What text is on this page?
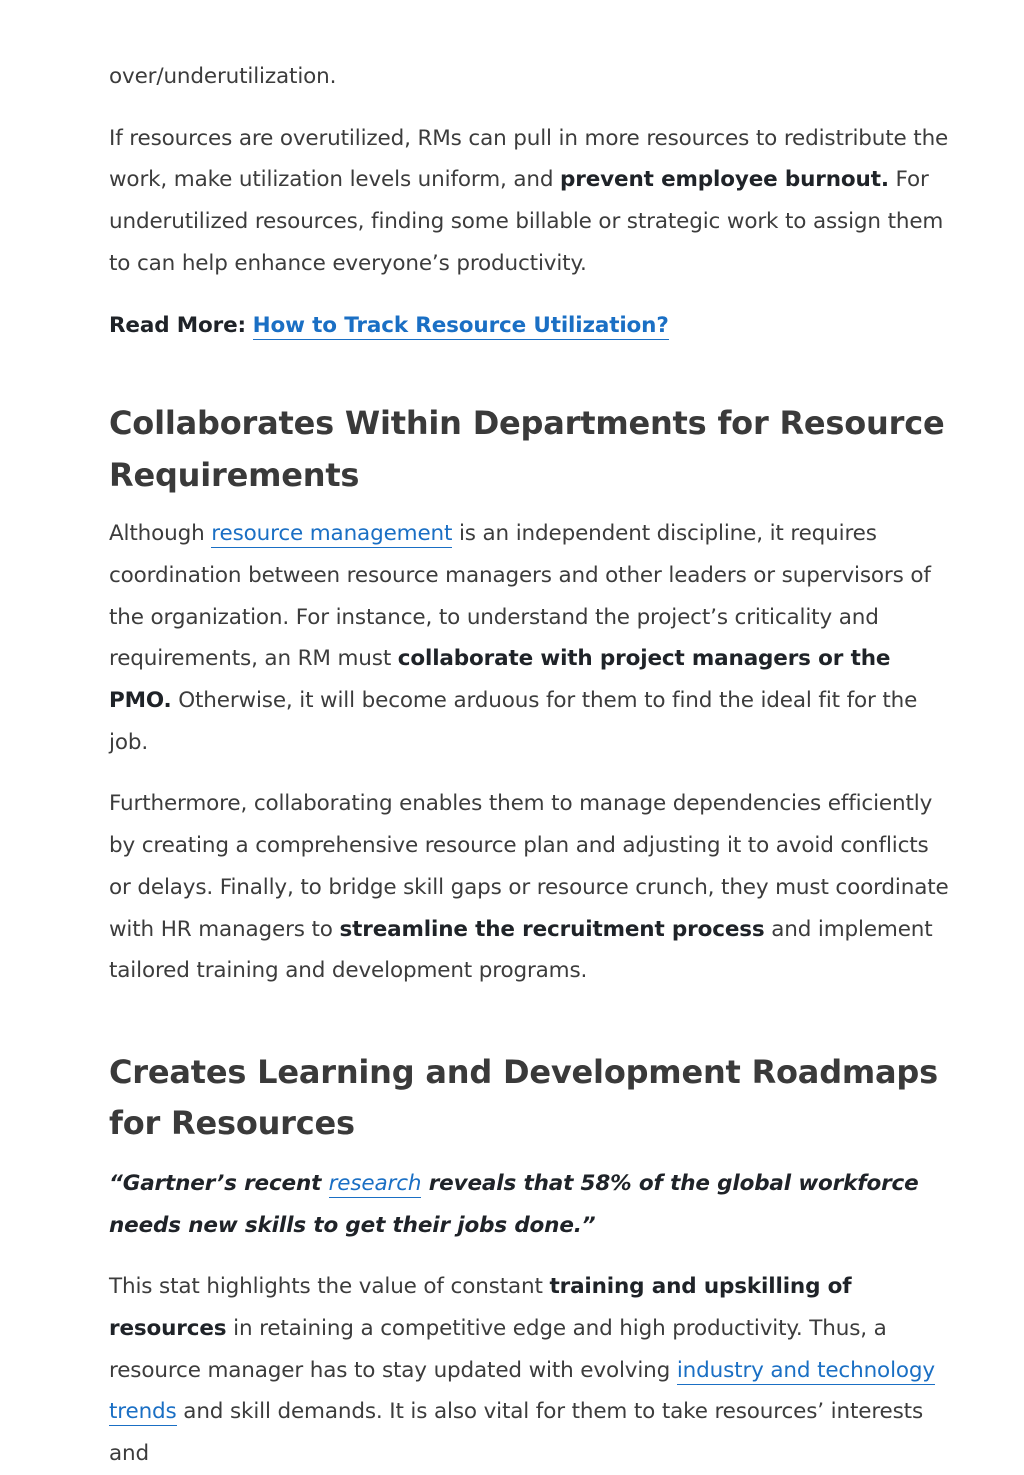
over/underutilization.

If resources are overutilized, RMs can pull in more resources to redistribute the work, make utilization levels uniform, and prevent employee burnout. For underutilized resources, finding some billable or strategic work to assign them to can help enhance everyone’s productivity.

Read More: How to Track Resource Utilization?

Collaborates Within Departments for Resource Requirements

Although resource management is an independent discipline, it requires coordination between resource managers and other leaders or supervisors of the organization. For instance, to understand the project’s criticality and requirements, an RM must collaborate with project managers or the PMO. Otherwise, it will become arduous for them to find the ideal fit for the job.

Furthermore, collaborating enables them to manage dependencies efficiently by creating a comprehensive resource plan and adjusting it to avoid conflicts or delays. Finally, to bridge skill gaps or resource crunch, they must coordinate with HR managers to streamline the recruitment process and implement tailored training and development programs.

Creates Learning and Development Roadmaps for Resources

“Gartner’s recent research reveals that 58% of the global workforce needs new skills to get their jobs done.”

This stat highlights the value of constant training and upskilling of resources in retaining a competitive edge and high productivity. Thus, a resource manager has to stay updated with evolving industry and technology trends and skill demands. It is also vital for them to take resources’ interests and
